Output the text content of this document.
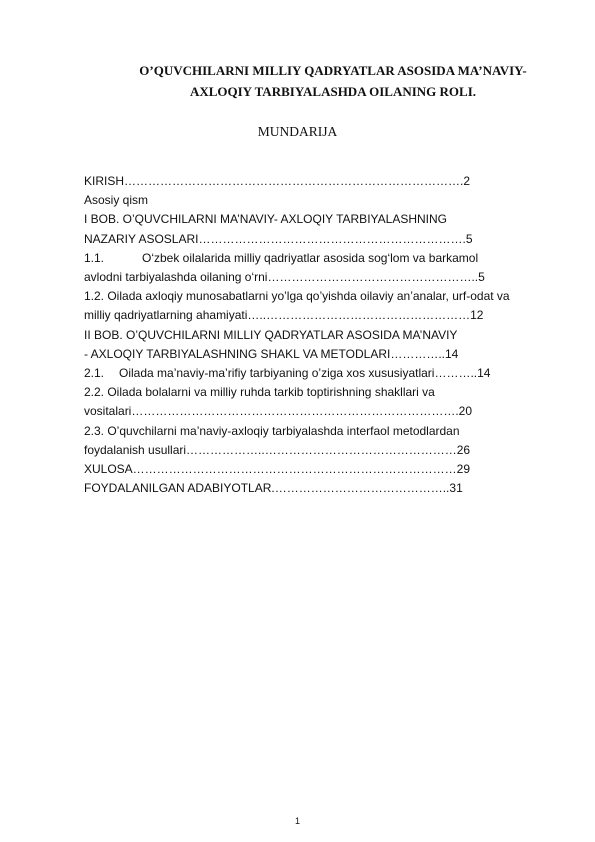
O’QUVCHILARNI MILLIY QADRYATLAR ASOSIDA MA’NAVIY-
AXLOQIY TARBIYALASHDA OILANING ROLI.
MUNDARIJA
KIRISH………………………………………………………………………….2
Asosiy qism
I BOB. O’QUVCHILARNI MA’NAVIY- AXLOQIY TARBIYALASHNING
NAZARIY ASOSLARI………………………………………………………….5
1.1.	O‘zbek oilalarida milliy qadriyatlar asosida sog‘lom va barkamol
avlodni tarbiyalashda oilaning o‘rni……………………………………………..5
1.2. Oilada axloqiy munosabatlarni yo’lga qo’yishda oilaviy an’analar, urf-odat va
milliy qadriyatlarning ahamiyati…..……………………………………………12
II BOB. O’QUVCHILARNI MILLIY QADRYATLAR ASOSIDA MA’NAVIY
- AXLOQIY TARBIYALASHNING SHAKL VA METODLARI…………..14
2.1. Oilada ma’naviy-ma’rifiy tarbiyaning o’ziga xos xususiyatlari………..14
2.2. Oilada bolalarni va milliy ruhda tarkib toptirishning shakllari va
vositalari……………………………………………………………………….20
2.3. O’quvchilarni ma’naviy-axloqiy tarbiyalashda interfaol metodlardan
foydalanish usullari………………..…………………………………………26
XULOSA………………………………………………………………………29
FOYDALANILGAN ADABIYOTLAR.……………………………………..31
1
